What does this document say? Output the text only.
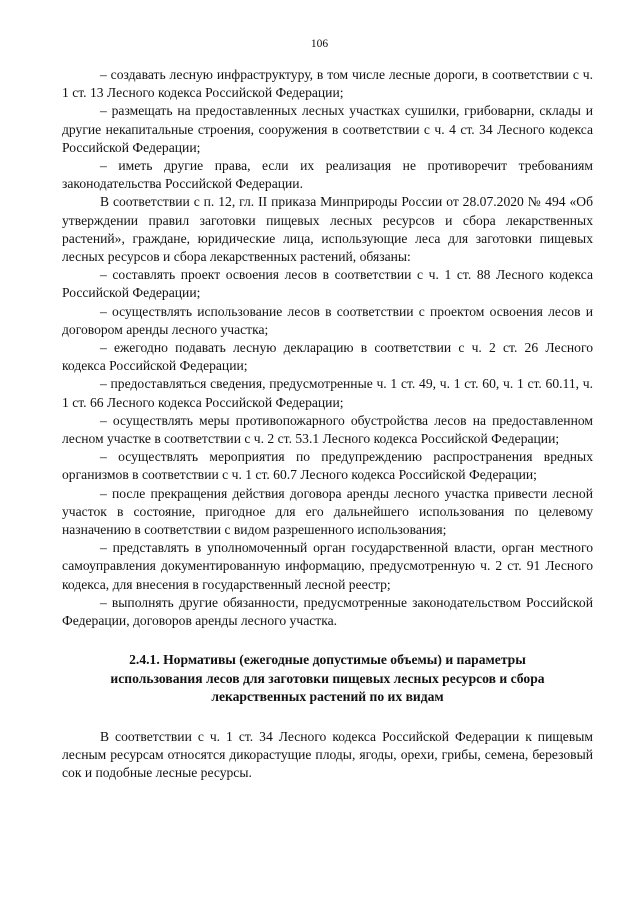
106

– создавать лесную инфраструктуру, в том числе лесные дороги, в соответствии с ч. 1 ст. 13 Лесного кодекса Российской Федерации;

– размещать на предоставленных лесных участках сушилки, грибоварни, склады и другие некапитальные строения, сооружения в соответствии с ч. 4 ст. 34 Лесного кодекса Российской Федерации;

– иметь другие права, если их реализация не противоречит требованиям законодательства Российской Федерации.

В соответствии с п. 12, гл. II приказа Минприроды России от 28.07.2020 № 494 «Об утверждении правил заготовки пищевых лесных ресурсов и сбора лекарственных растений», граждане, юридические лица, использующие леса для заготовки пищевых лесных ресурсов и сбора лекарственных растений, обязаны:

– составлять проект освоения лесов в соответствии с ч. 1 ст. 88 Лесного кодекса Российской Федерации;

– осуществлять использование лесов в соответствии с проектом освоения лесов и договором аренды лесного участка;

– ежегодно подавать лесную декларацию в соответствии с ч. 2 ст. 26 Лесного кодекса Российской Федерации;

– предоставляться сведения, предусмотренные ч. 1 ст. 49, ч. 1 ст. 60, ч. 1 ст. 60.11, ч. 1 ст. 66 Лесного кодекса Российской Федерации;

– осуществлять меры противопожарного обустройства лесов на предоставленном лесном участке в соответствии с ч. 2 ст. 53.1 Лесного кодекса Российской Федерации;

– осуществлять мероприятия по предупреждению распространения вредных организмов в соответствии с ч. 1 ст. 60.7 Лесного кодекса Российской Федерации;

– после прекращения действия договора аренды лесного участка привести лесной участок в состояние, пригодное для его дальнейшего использования по целевому назначению в соответствии с видом разрешенного использования;

– представлять в уполномоченный орган государственной власти, орган местного самоуправления документированную информацию, предусмотренную ч. 2 ст. 91 Лесного кодекса, для внесения в государственный лесной реестр;

– выполнять другие обязанности, предусмотренные законодательством Российской Федерации, договоров аренды лесного участка.

2.4.1. Нормативы (ежегодные допустимые объемы) и параметры
использования лесов для заготовки пищевых лесных ресурсов и сбора
лекарственных растений по их видам

В соответствии с ч. 1 ст. 34 Лесного кодекса Российской Федерации к пищевым лесным ресурсам относятся дикорастущие плоды, ягоды, орехи, грибы, семена, березовый сок и подобные лесные ресурсы.
